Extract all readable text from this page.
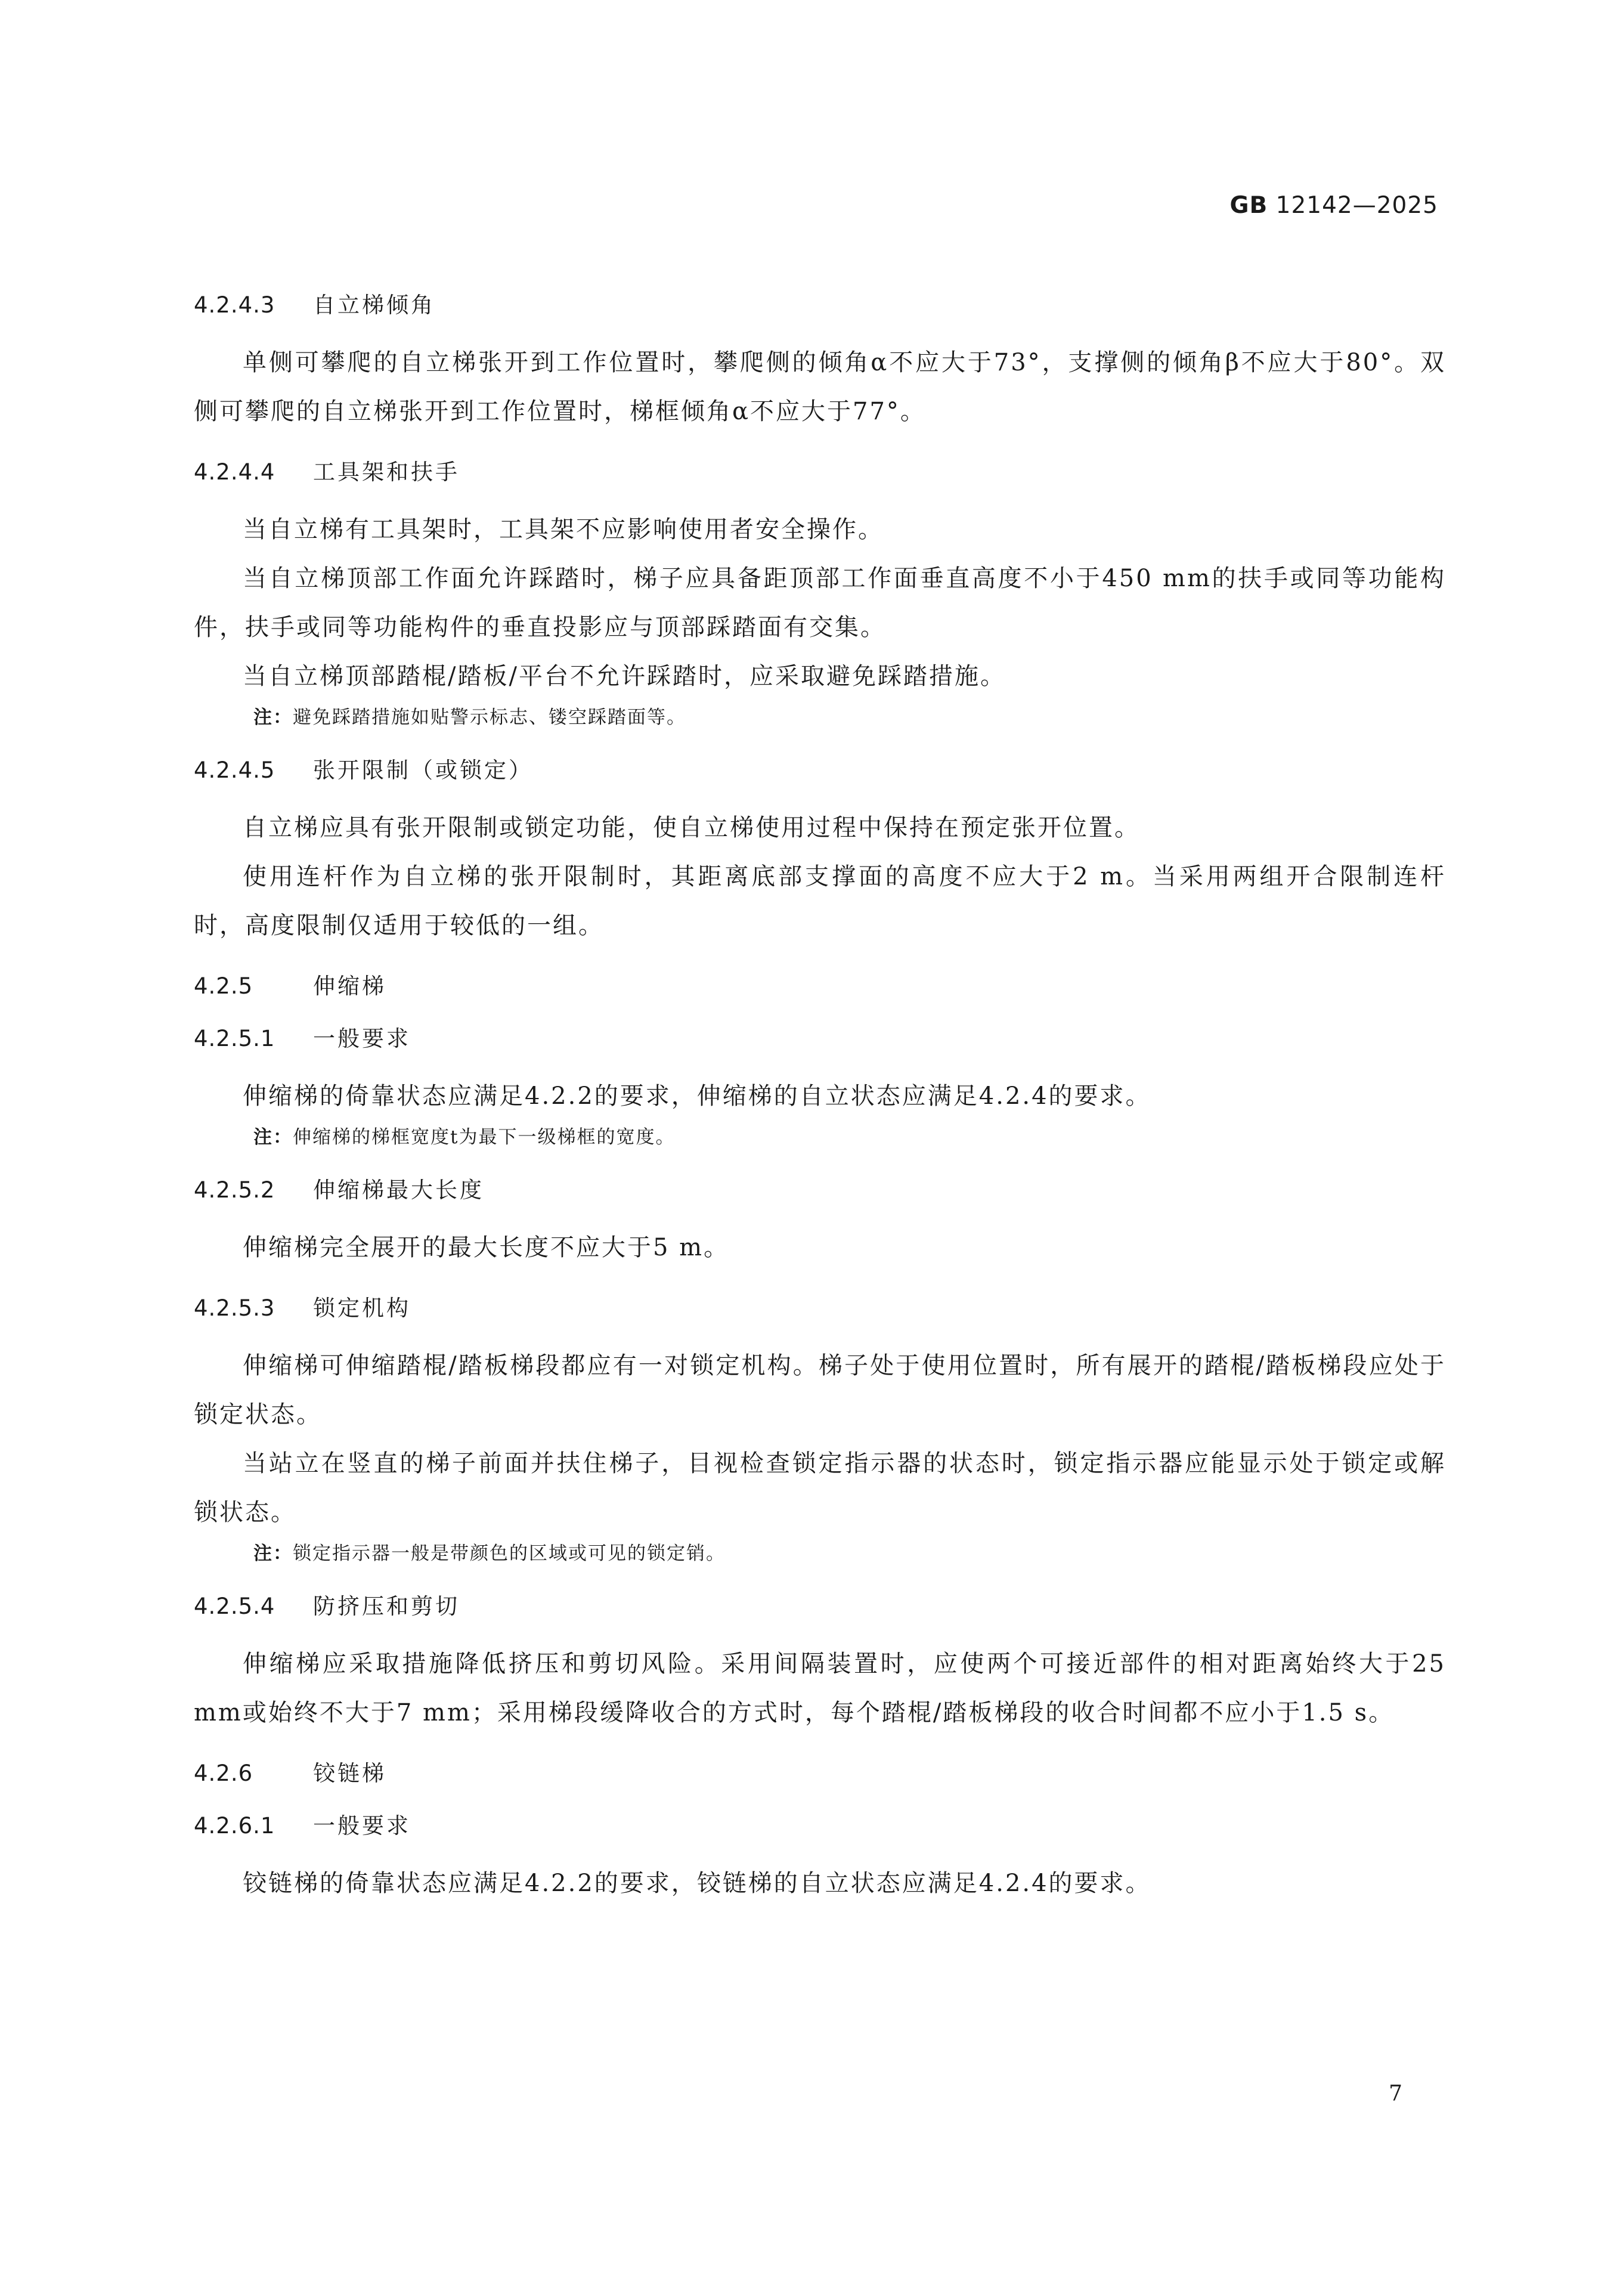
GB 12142—2025
4.2.4.3	自立梯倾角

单侧可攀爬的自立梯张开到工作位置时，攀爬侧的倾角α不应大于73°，支撑侧的倾角β不应大于80°。双侧可攀爬的自立梯张开到工作位置时，梯框倾角α不应大于77°。

4.2.4.4	工具架和扶手

当自立梯有工具架时，工具架不应影响使用者安全操作。

当自立梯顶部工作面允许踩踏时，梯子应具备距顶部工作面垂直高度不小于450 mm的扶手或同等功能构件，扶手或同等功能构件的垂直投影应与顶部踩踏面有交集。

当自立梯顶部踏棍/踏板/平台不允许踩踏时，应采取避免踩踏措施。

注：避免踩踏措施如贴警示标志、镂空踩踏面等。

4.2.4.5	张开限制（或锁定）

自立梯应具有张开限制或锁定功能，使自立梯使用过程中保持在预定张开位置。

使用连杆作为自立梯的张开限制时，其距离底部支撑面的高度不应大于2 m。当采用两组开合限制连杆时，高度限制仅适用于较低的一组。

4.2.5	伸缩梯
4.2.5.1	一般要求

伸缩梯的倚靠状态应满足4.2.2的要求，伸缩梯的自立状态应满足4.2.4的要求。

注：伸缩梯的梯框宽度t为最下一级梯框的宽度。

4.2.5.2	伸缩梯最大长度

伸缩梯完全展开的最大长度不应大于5 m。

4.2.5.3	锁定机构

伸缩梯可伸缩踏棍/踏板梯段都应有一对锁定机构。梯子处于使用位置时，所有展开的踏棍/踏板梯段应处于锁定状态。

当站立在竖直的梯子前面并扶住梯子，目视检查锁定指示器的状态时，锁定指示器应能显示处于锁定或解锁状态。

注：锁定指示器一般是带颜色的区域或可见的锁定销。

4.2.5.4	防挤压和剪切

伸缩梯应采取措施降低挤压和剪切风险。采用间隔装置时，应使两个可接近部件的相对距离始终大于25 mm或始终不大于7 mm；采用梯段缓降收合的方式时，每个踏棍/踏板梯段的收合时间都不应小于1.5 s。

4.2.6	铰链梯
4.2.6.1	一般要求

铰链梯的倚靠状态应满足4.2.2的要求，铰链梯的自立状态应满足4.2.4的要求。

7
